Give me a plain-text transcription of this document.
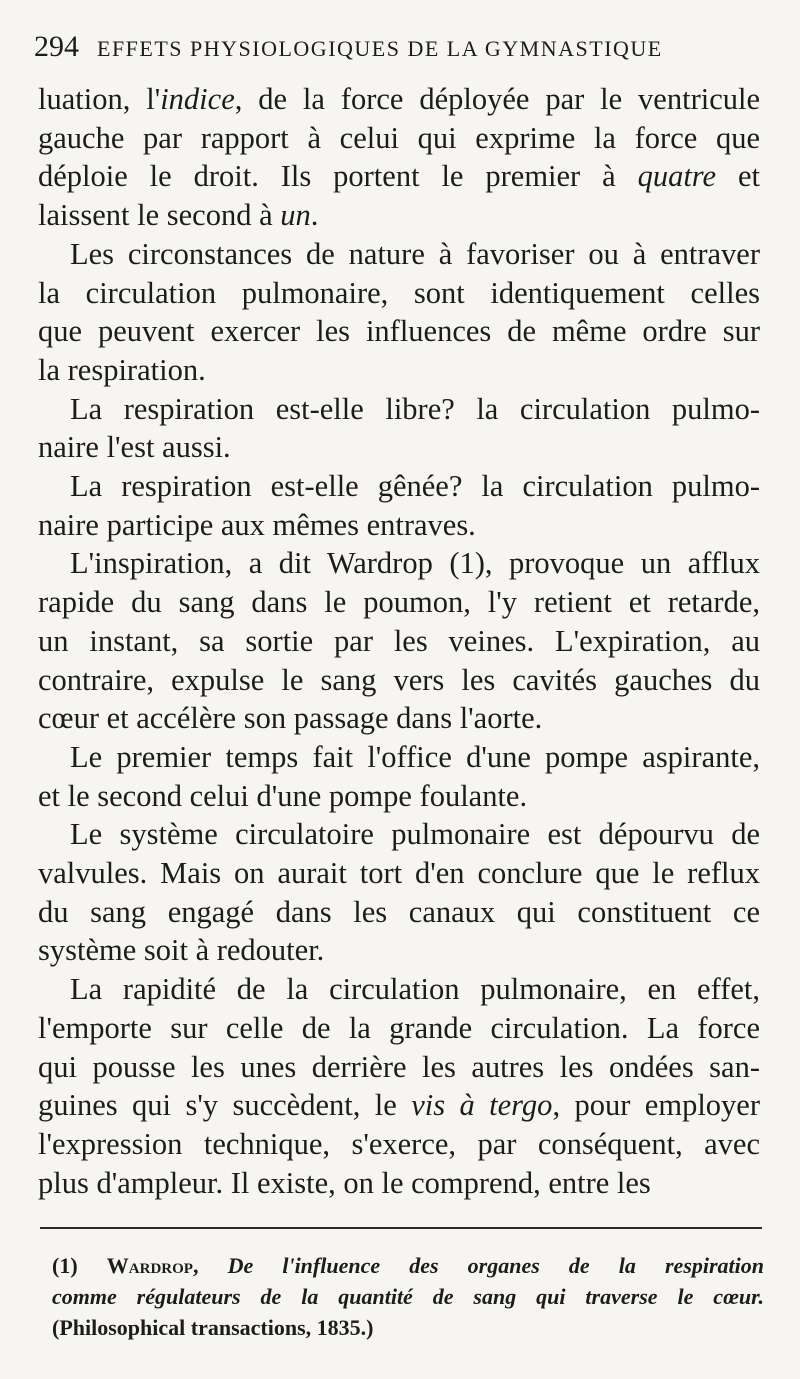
294 EFFETS PHYSIOLOGIQUES DE LA GYMNASTIQUE

luation, l'indice, de la force déployée par le ventricule
gauche par rapport à celui qui exprime la force que
déploie le droit. Ils portent le premier à quatre et
laissent le second à un.

Les circonstances de nature à favoriser ou à entraver
la circulation pulmonaire, sont identiquement celles
que peuvent exercer les influences de même ordre sur
la respiration.

La respiration est-elle libre? la circulation pulmo-
naire l'est aussi.

La respiration est-elle gênée? la circulation pulmo-
naire participe aux mêmes entraves.

L'inspiration, a dit Wardrop (1), provoque un afflux
rapide du sang dans le poumon, l'y retient et retarde,
un instant, sa sortie par les veines. L'expiration, au
contraire, expulse le sang vers les cavités gauches du
cœur et accélère son passage dans l'aorte.

Le premier temps fait l'office d'une pompe aspirante,
et le second celui d'une pompe foulante.

Le système circulatoire pulmonaire est dépourvu de
valvules. Mais on aurait tort d'en conclure que le reflux
du sang engagé dans les canaux qui constituent ce
système soit à redouter.

La rapidité de la circulation pulmonaire, en effet,
l'emporte sur celle de la grande circulation. La force
qui pousse les unes derrière les autres les ondées san-
guines qui s'y succèdent, le vis à tergo, pour employer
l'expression technique, s'exerce, par conséquent, avec
plus d'ampleur. Il existe, on le comprend, entre les

(1) Wardrop, De l'influence des organes de la respiration
comme régulateurs de la quantité de sang qui traverse le cœur.
(Philosophical transactions, 1835.)
